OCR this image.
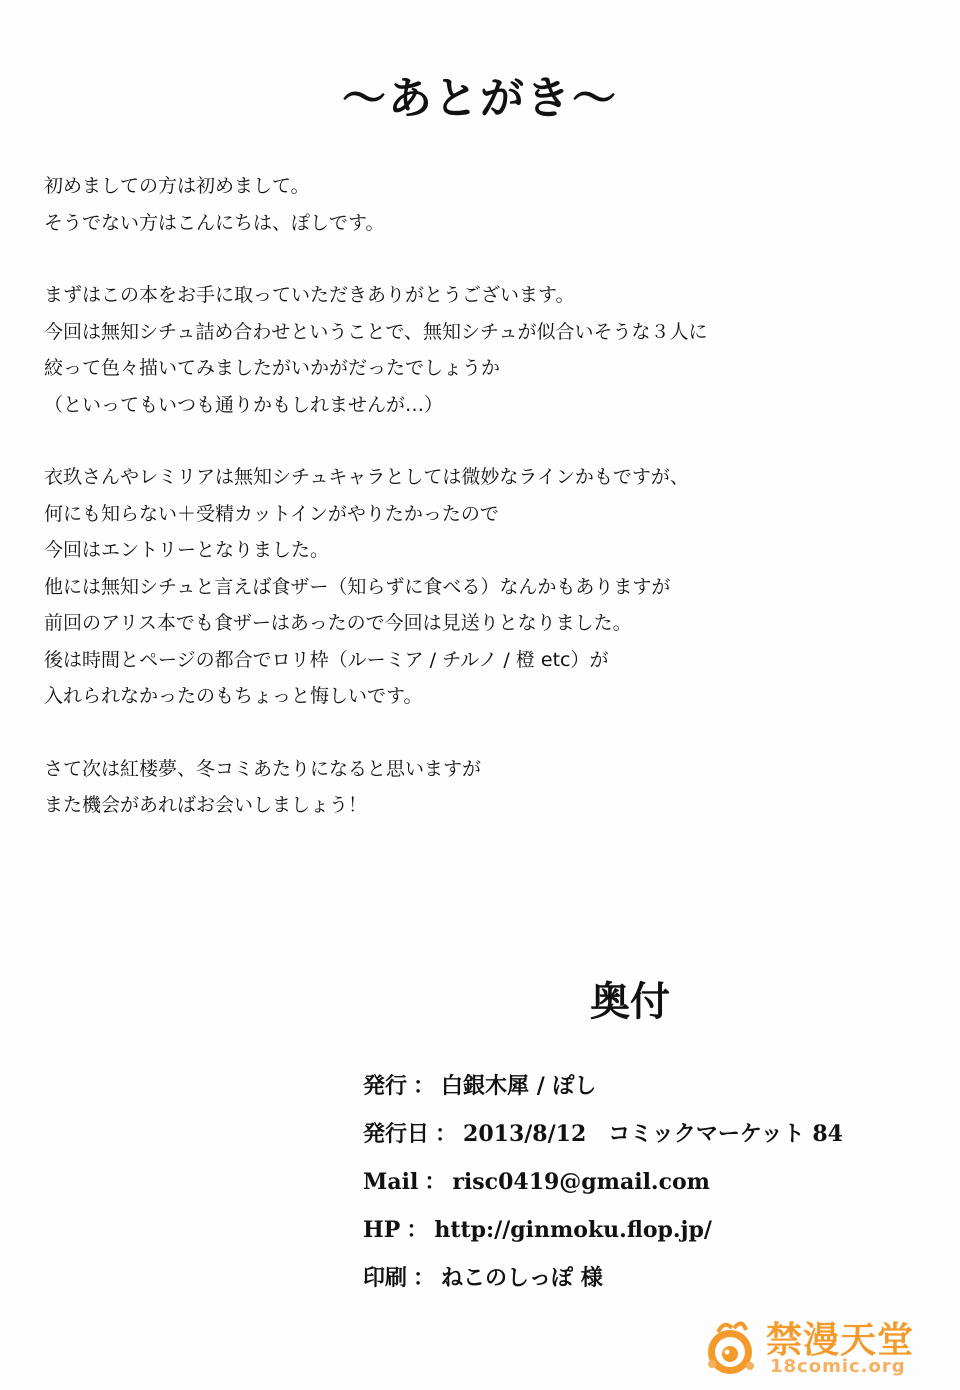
～あとがき～
初めましての方は初めまして。
そうでない方はこんにちは、ぽしです。
まずはこの本をお手に取っていただきありがとうございます。
今回は無知シチュ詰め合わせということで、無知シチュが似合いそうな３人に
絞って色々描いてみましたがいかがだったでしょうか
（といってもいつも通りかもしれませんが…）
衣玖さんやレミリアは無知シチュキャラとしては微妙なラインかもですが、
何にも知らない＋受精カットインがやりたかったので
今回はエントリーとなりました。
他には無知シチュと言えば食ザー（知らずに食べる）なんかもありますが
前回のアリス本でも食ザーはあったので今回は見送りとなりました。
後は時間とページの都合でロリ枠（ルーミア / チルノ / 橙 etc）が
入れられなかったのもちょっと悔しいです。
さて次は紅楼夢、冬コミあたりになると思いますが
また機会があればお会いしましょう！
奥付
発行 ： 白銀木犀 / ぽし
発行日 ： 2013/8/12　コミックマーケット 84
Mail ： risc0419@gmail.com
HP ： http://ginmoku.flop.jp/
印刷 ： ねこのしっぽ 様
禁漫天堂
18comic.org
